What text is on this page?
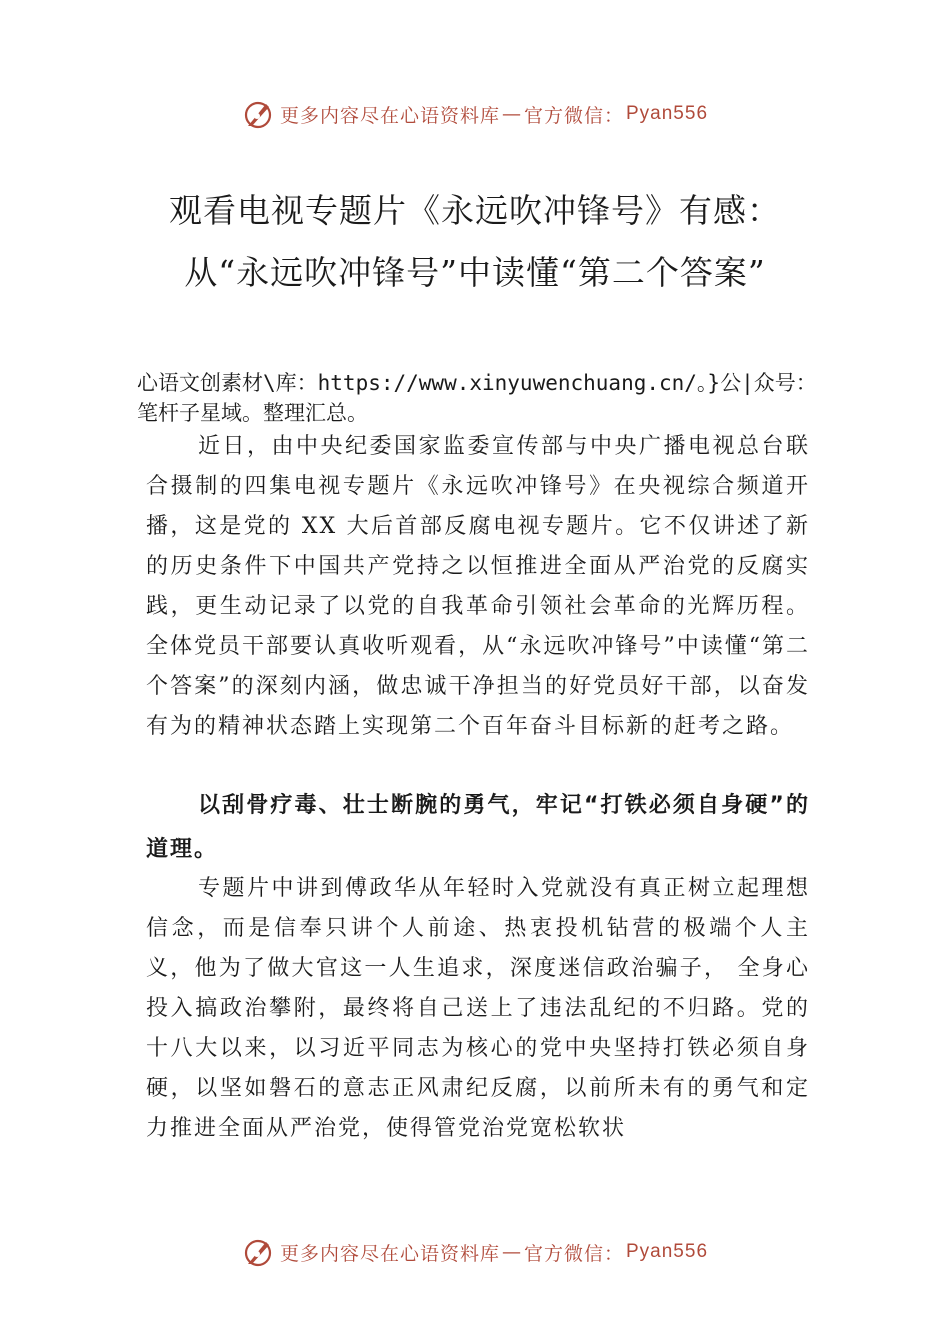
更多内容尽在心语资料库 — 官方微信： Pyan556
观看电视专题片《永远吹冲锋号》有感：从“永远吹冲锋号”中读懂“第二个答案”

心语文创素材\库：https://www.xinyuwenchuang.cn/。}公|众号：笔杆子星域。整理汇总。

近日，由中央纪委国家监委宣传部与中央广播电视总台联合摄制的四集电视专题片《永远吹冲锋号》在央视综合频道开播，这是党的 XX 大后首部反腐电视专题片。它不仅讲述了新的历史条件下中国共产党持之以恒推进全面从严治党的反腐实践，更生动记录了以党的自我革命引领社会革命的光辉历程。全体党员干部要认真收听观看，从“永远吹冲锋号”中读懂“第二个答案”的深刻内涵，做忠诚干净担当的好党员好干部，以奋发有为的精神状态踏上实现第二个百年奋斗目标新的赶考之路。

以刮骨疗毒、壮士断腕的勇气，牢记“打铁必须自身硬”的道理。

专题片中讲到傅政华从年轻时入党就没有真正树立起理想信念，而是信奉只讲个人前途、热衷投机钻营的极端个人主义，他为了做大官这一人生追求，深度迷信政治骗子， 全身心投入搞政治攀附，最终将自己送上了违法乱纪的不归路。党的十八大以来，以习近平同志为核心的党中央坚持打铁必须自身硬，以坚如磐石的意志正风肃纪反腐，以前所未有的勇气和定力推进全面从严治党，使得管党治党宽松软状

更多内容尽在心语资料库 — 官方微信： Pyan556
